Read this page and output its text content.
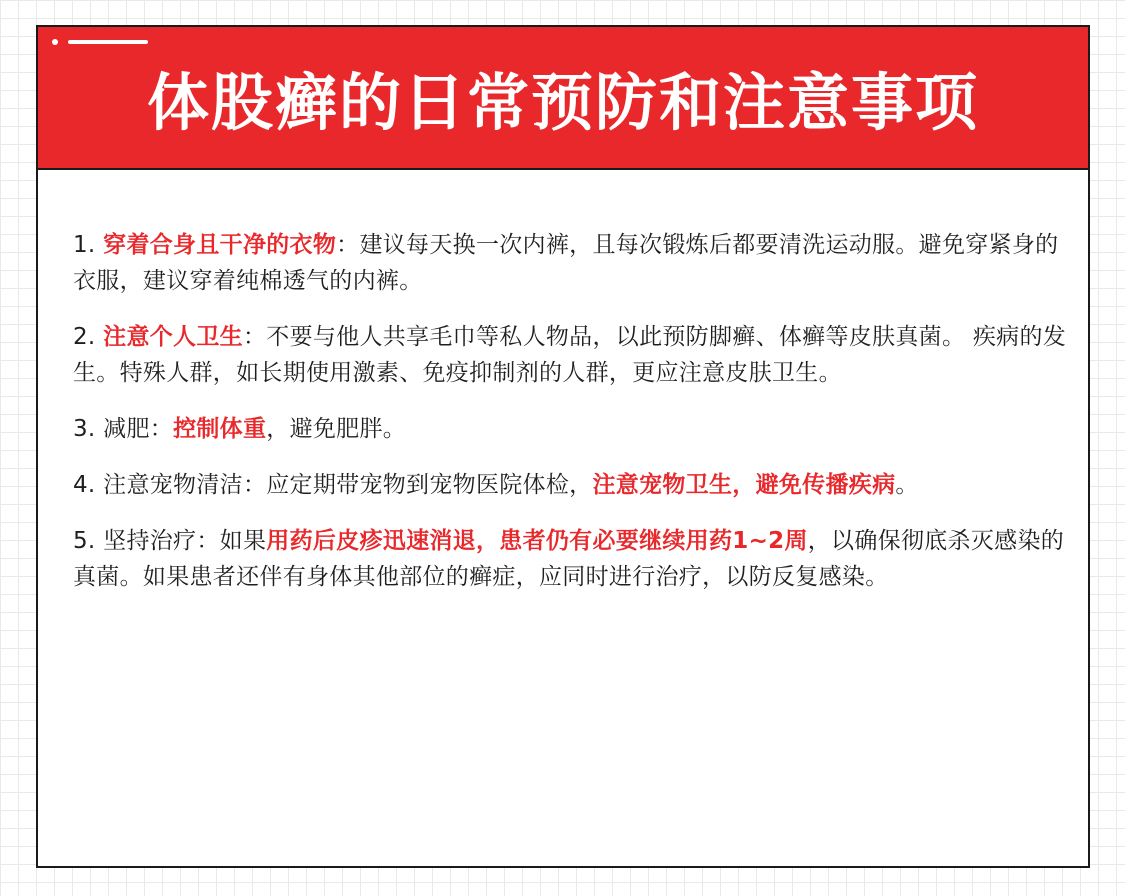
体股癣的日常预防和注意事项

1. 穿着合身且干净的衣物：建议每天换一次内裤，且每次锻炼后都要清洗运动服。避免穿紧身的衣服，建议穿着纯棉透气的内裤。

2. 注意个人卫生：不要与他人共享毛巾等私人物品，以此预防脚癣、体癣等皮肤真菌。 疾病的发生。特殊人群，如长期使用激素、免疫抑制剂的人群，更应注意皮肤卫生。

3. 减肥：控制体重，避免肥胖。

4. 注意宠物清洁：应定期带宠物到宠物医院体检，注意宠物卫生，避免传播疾病。

5. 坚持治疗：如果用药后皮疹迅速消退，患者仍有必要继续用药1~2周，以确保彻底杀灭感染的真菌。如果患者还伴有身体其他部位的癣症，应同时进行治疗，以防反复感染。
